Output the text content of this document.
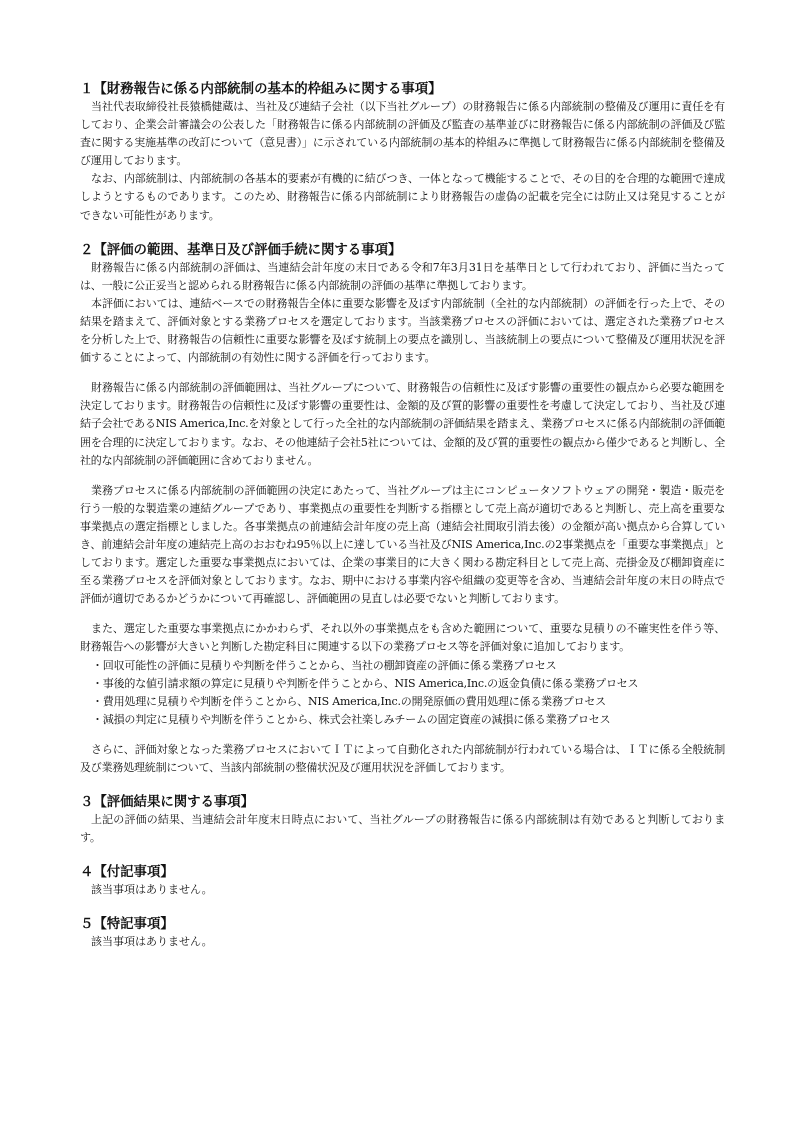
１【財務報告に係る内部統制の基本的枠組みに関する事項】

当社代表取締役社長猿橋健蔵は、当社及び連結子会社（以下当社グループ）の財務報告に係る内部統制の整備及び運用に責任を有しており、企業会計審議会の公表した「財務報告に係る内部統制の評価及び監査の基準並びに財務報告に係る内部統制の評価及び監査に関する実施基準の改訂について（意見書）」に示されている内部統制の基本的枠組みに準拠して財務報告に係る内部統制を整備及び運用しております。

なお、内部統制は、内部統制の各基本的要素が有機的に結びつき、一体となって機能することで、その目的を合理的な範囲で達成しようとするものであります。このため、財務報告に係る内部統制により財務報告の虚偽の記載を完全には防止又は発見することができない可能性があります。

２【評価の範囲、基準日及び評価手続に関する事項】

財務報告に係る内部統制の評価は、当連結会計年度の末日である令和7年3月31日を基準日として行われており、評価に当たっては、一般に公正妥当と認められる財務報告に係る内部統制の評価の基準に準拠しております。

本評価においては、連結ベースでの財務報告全体に重要な影響を及ぼす内部統制（全社的な内部統制）の評価を行った上で、その結果を踏まえて、評価対象とする業務プロセスを選定しております。当該業務プロセスの評価においては、選定された業務プロセスを分析した上で、財務報告の信頼性に重要な影響を及ぼす統制上の要点を識別し、当該統制上の要点について整備及び運用状況を評価することによって、内部統制の有効性に関する評価を行っております。

財務報告に係る内部統制の評価範囲は、当社グループについて、財務報告の信頼性に及ぼす影響の重要性の観点から必要な範囲を決定しております。財務報告の信頼性に及ぼす影響の重要性は、金額的及び質的影響の重要性を考慮して決定しており、当社及び連結子会社であるNIS America,Inc.を対象として行った全社的な内部統制の評価結果を踏まえ、業務プロセスに係る内部統制の評価範囲を合理的に決定しております。なお、その他連結子会社5社については、金額的及び質的重要性の観点から僅少であると判断し、全社的な内部統制の評価範囲に含めておりません。

業務プロセスに係る内部統制の評価範囲の決定にあたって、当社グループは主にコンピュータソフトウェアの開発・製造・販売を行う一般的な製造業の連結グループであり、事業拠点の重要性を判断する指標として売上高が適切であると判断し、売上高を重要な事業拠点の選定指標としました。各事業拠点の前連結会計年度の売上高（連結会社間取引消去後）の金額が高い拠点から合算していき、前連結会計年度の連結売上高のおおむね95％以上に達している当社及びNIS America,Inc.の2事業拠点を「重要な事業拠点」としております。選定した重要な事業拠点においては、企業の事業目的に大きく関わる勘定科目として売上高、売掛金及び棚卸資産に至る業務プロセスを評価対象としております。なお、期中における事業内容や組織の変更等を含め、当連結会計年度の末日の時点で評価が適切であるかどうかについて再確認し、評価範囲の見直しは必要でないと判断しております。

また、選定した重要な事業拠点にかかわらず、それ以外の事業拠点をも含めた範囲について、重要な見積りの不確実性を伴う等、財務報告への影響が大きいと判断した勘定科目に関連する以下の業務プロセス等を評価対象に追加しております。

・回収可能性の評価に見積りや判断を伴うことから、当社の棚卸資産の評価に係る業務プロセス
・事後的な値引請求額の算定に見積りや判断を伴うことから、NIS America,Inc.の返金負債に係る業務プロセス
・費用処理に見積りや判断を伴うことから、NIS America,Inc.の開発原価の費用処理に係る業務プロセス
・減損の判定に見積りや判断を伴うことから、株式会社楽しみチームの固定資産の減損に係る業務プロセス

さらに、評価対象となった業務プロセスにおいてＩＴによって自動化された内部統制が行われている場合は、ＩＴに係る全般統制及び業務処理統制について、当該内部統制の整備状況及び運用状況を評価しております。

３【評価結果に関する事項】

上記の評価の結果、当連結会計年度末日時点において、当社グループの財務報告に係る内部統制は有効であると判断しております。

４【付記事項】

該当事項はありません。

５【特記事項】

該当事項はありません。
